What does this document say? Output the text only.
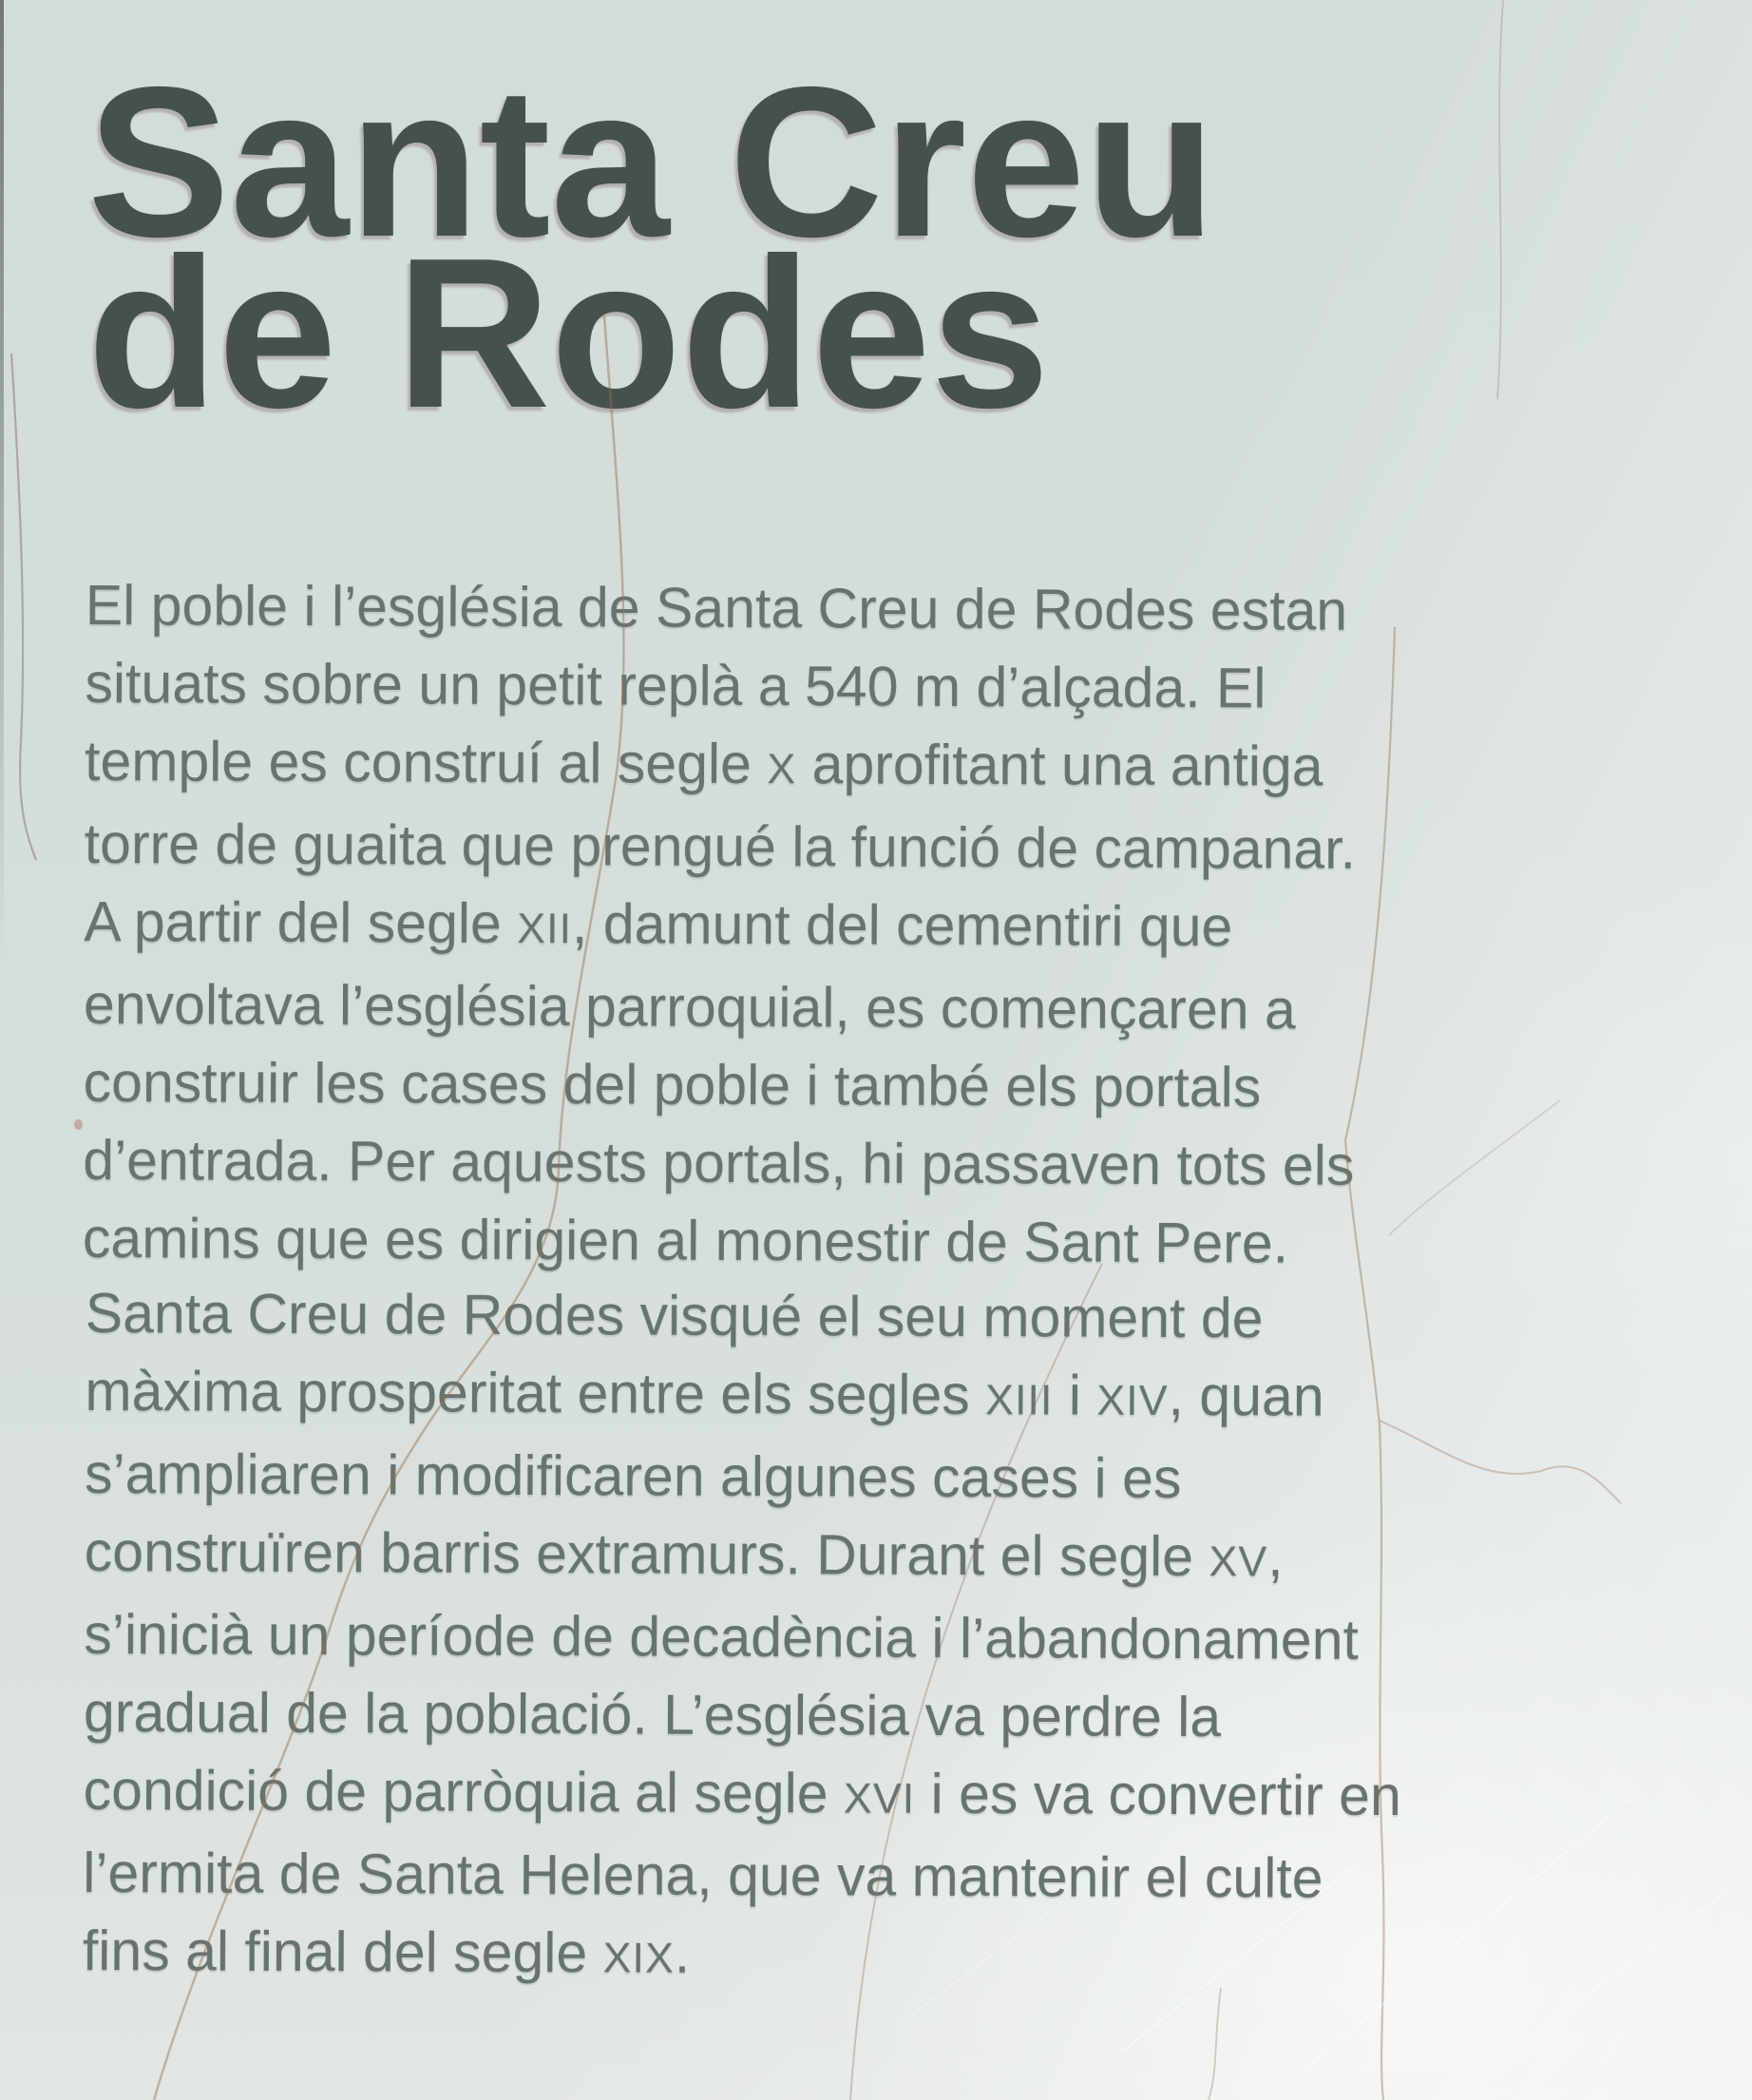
Santa Creu
de Rodes

El poble i l’església de Santa Creu de Rodes estan
situats sobre un petit replà a 540 m d’alçada. El
temple es construí al segle X aprofitant una antiga
torre de guaita que prengué la funció de campanar.
A partir del segle XII, damunt del cementiri que
envoltava l’església parroquial, es començaren a
construir les cases del poble i també els portals
d’entrada. Per aquests portals, hi passaven tots els
camins que es dirigien al monestir de Sant Pere.

Santa Creu de Rodes visqué el seu moment de
màxima prosperitat entre els segles XIII i XIV, quan
s’ampliaren i modificaren algunes cases i es
construïren barris extramurs. Durant el segle XV,
s’inicià un període de decadència i l’abandonament
gradual de la població. L’església va perdre la
condició de parròquia al segle XVI i es va convertir en
l’ermita de Santa Helena, que va mantenir el culte
fins al final del segle XIX.
